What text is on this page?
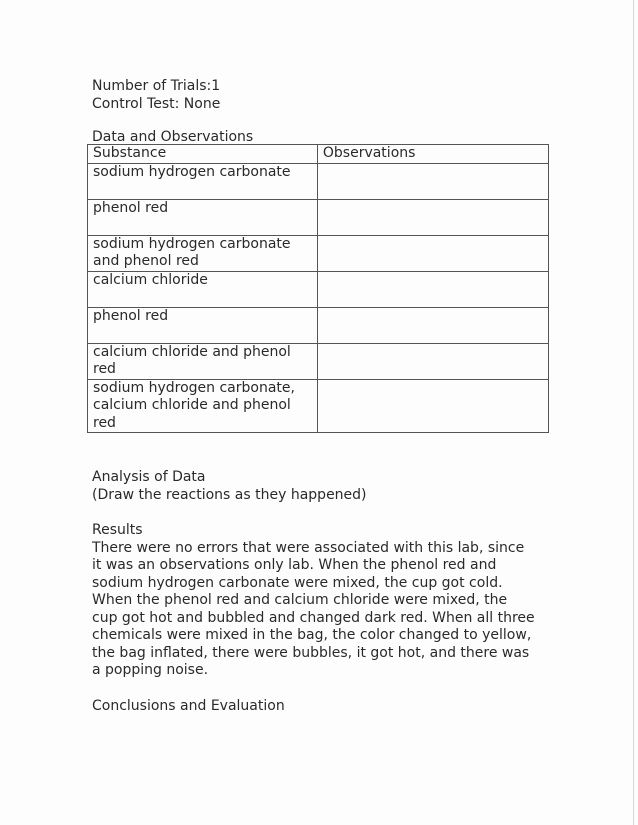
Number of Trials:1
Control Test: None
Data and Observations
Substance	Observations

sodium hydrogen carbonate	

phenol red	

sodium hydrogen carbonate
and phenol red	

calcium chloride	

phenol red	

calcium chloride and phenol
red	

sodium hydrogen carbonate,
calcium chloride and phenol
red	

Analysis of Data
(Draw the reactions as they happened)
Results
There were no errors that were associated with this lab, since
it was an observations only lab. When the phenol red and
sodium hydrogen carbonate were mixed, the cup got cold.
When the phenol red and calcium chloride were mixed, the
cup got hot and bubbled and changed dark red. When all three
chemicals were mixed in the bag, the color changed to yellow,
the bag inflated, there were bubbles, it got hot, and there was
a popping noise.
Conclusions and Evaluation
